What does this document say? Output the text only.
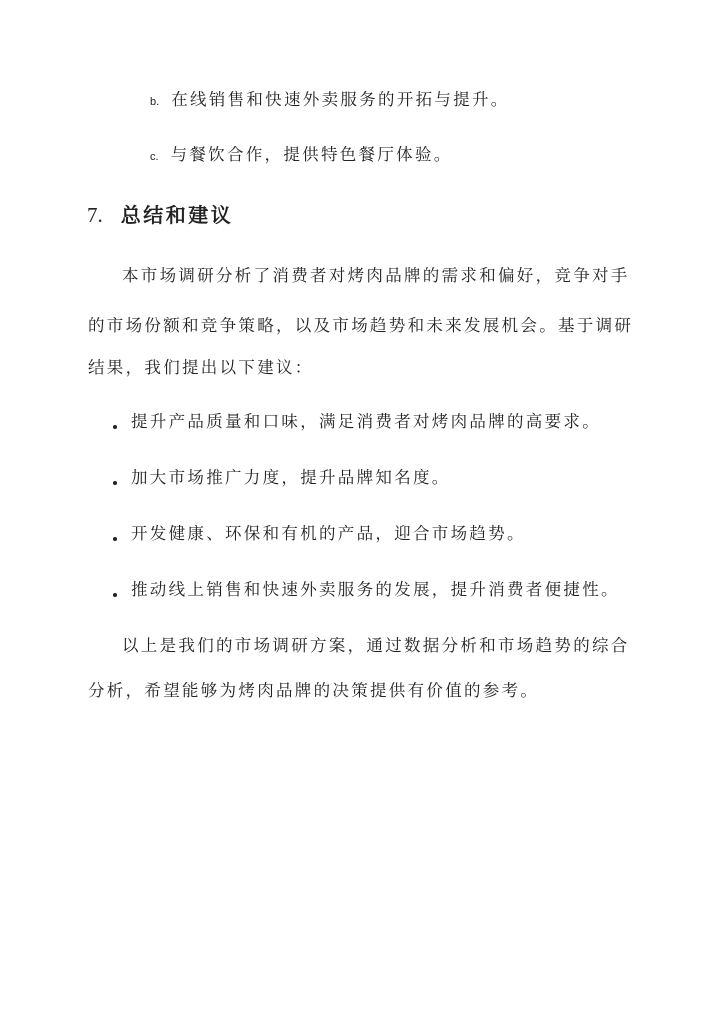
b. 在线销售和快速外卖服务的开拓与提升。
c. 与餐饮合作，提供特色餐厅体验。
7. 总结和建议
本市场调研分析了消费者对烤肉品牌的需求和偏好，竞争对手
的市场份额和竞争策略，以及市场趋势和未来发展机会。基于调研
结果，我们提出以下建议：
提升产品质量和口味，满足消费者对烤肉品牌的高要求。
加大市场推广力度，提升品牌知名度。
开发健康、环保和有机的产品，迎合市场趋势。
推动线上销售和快速外卖服务的发展，提升消费者便捷性。
以上是我们的市场调研方案，通过数据分析和市场趋势的综合
分析，希望能够为烤肉品牌的决策提供有价值的参考。
